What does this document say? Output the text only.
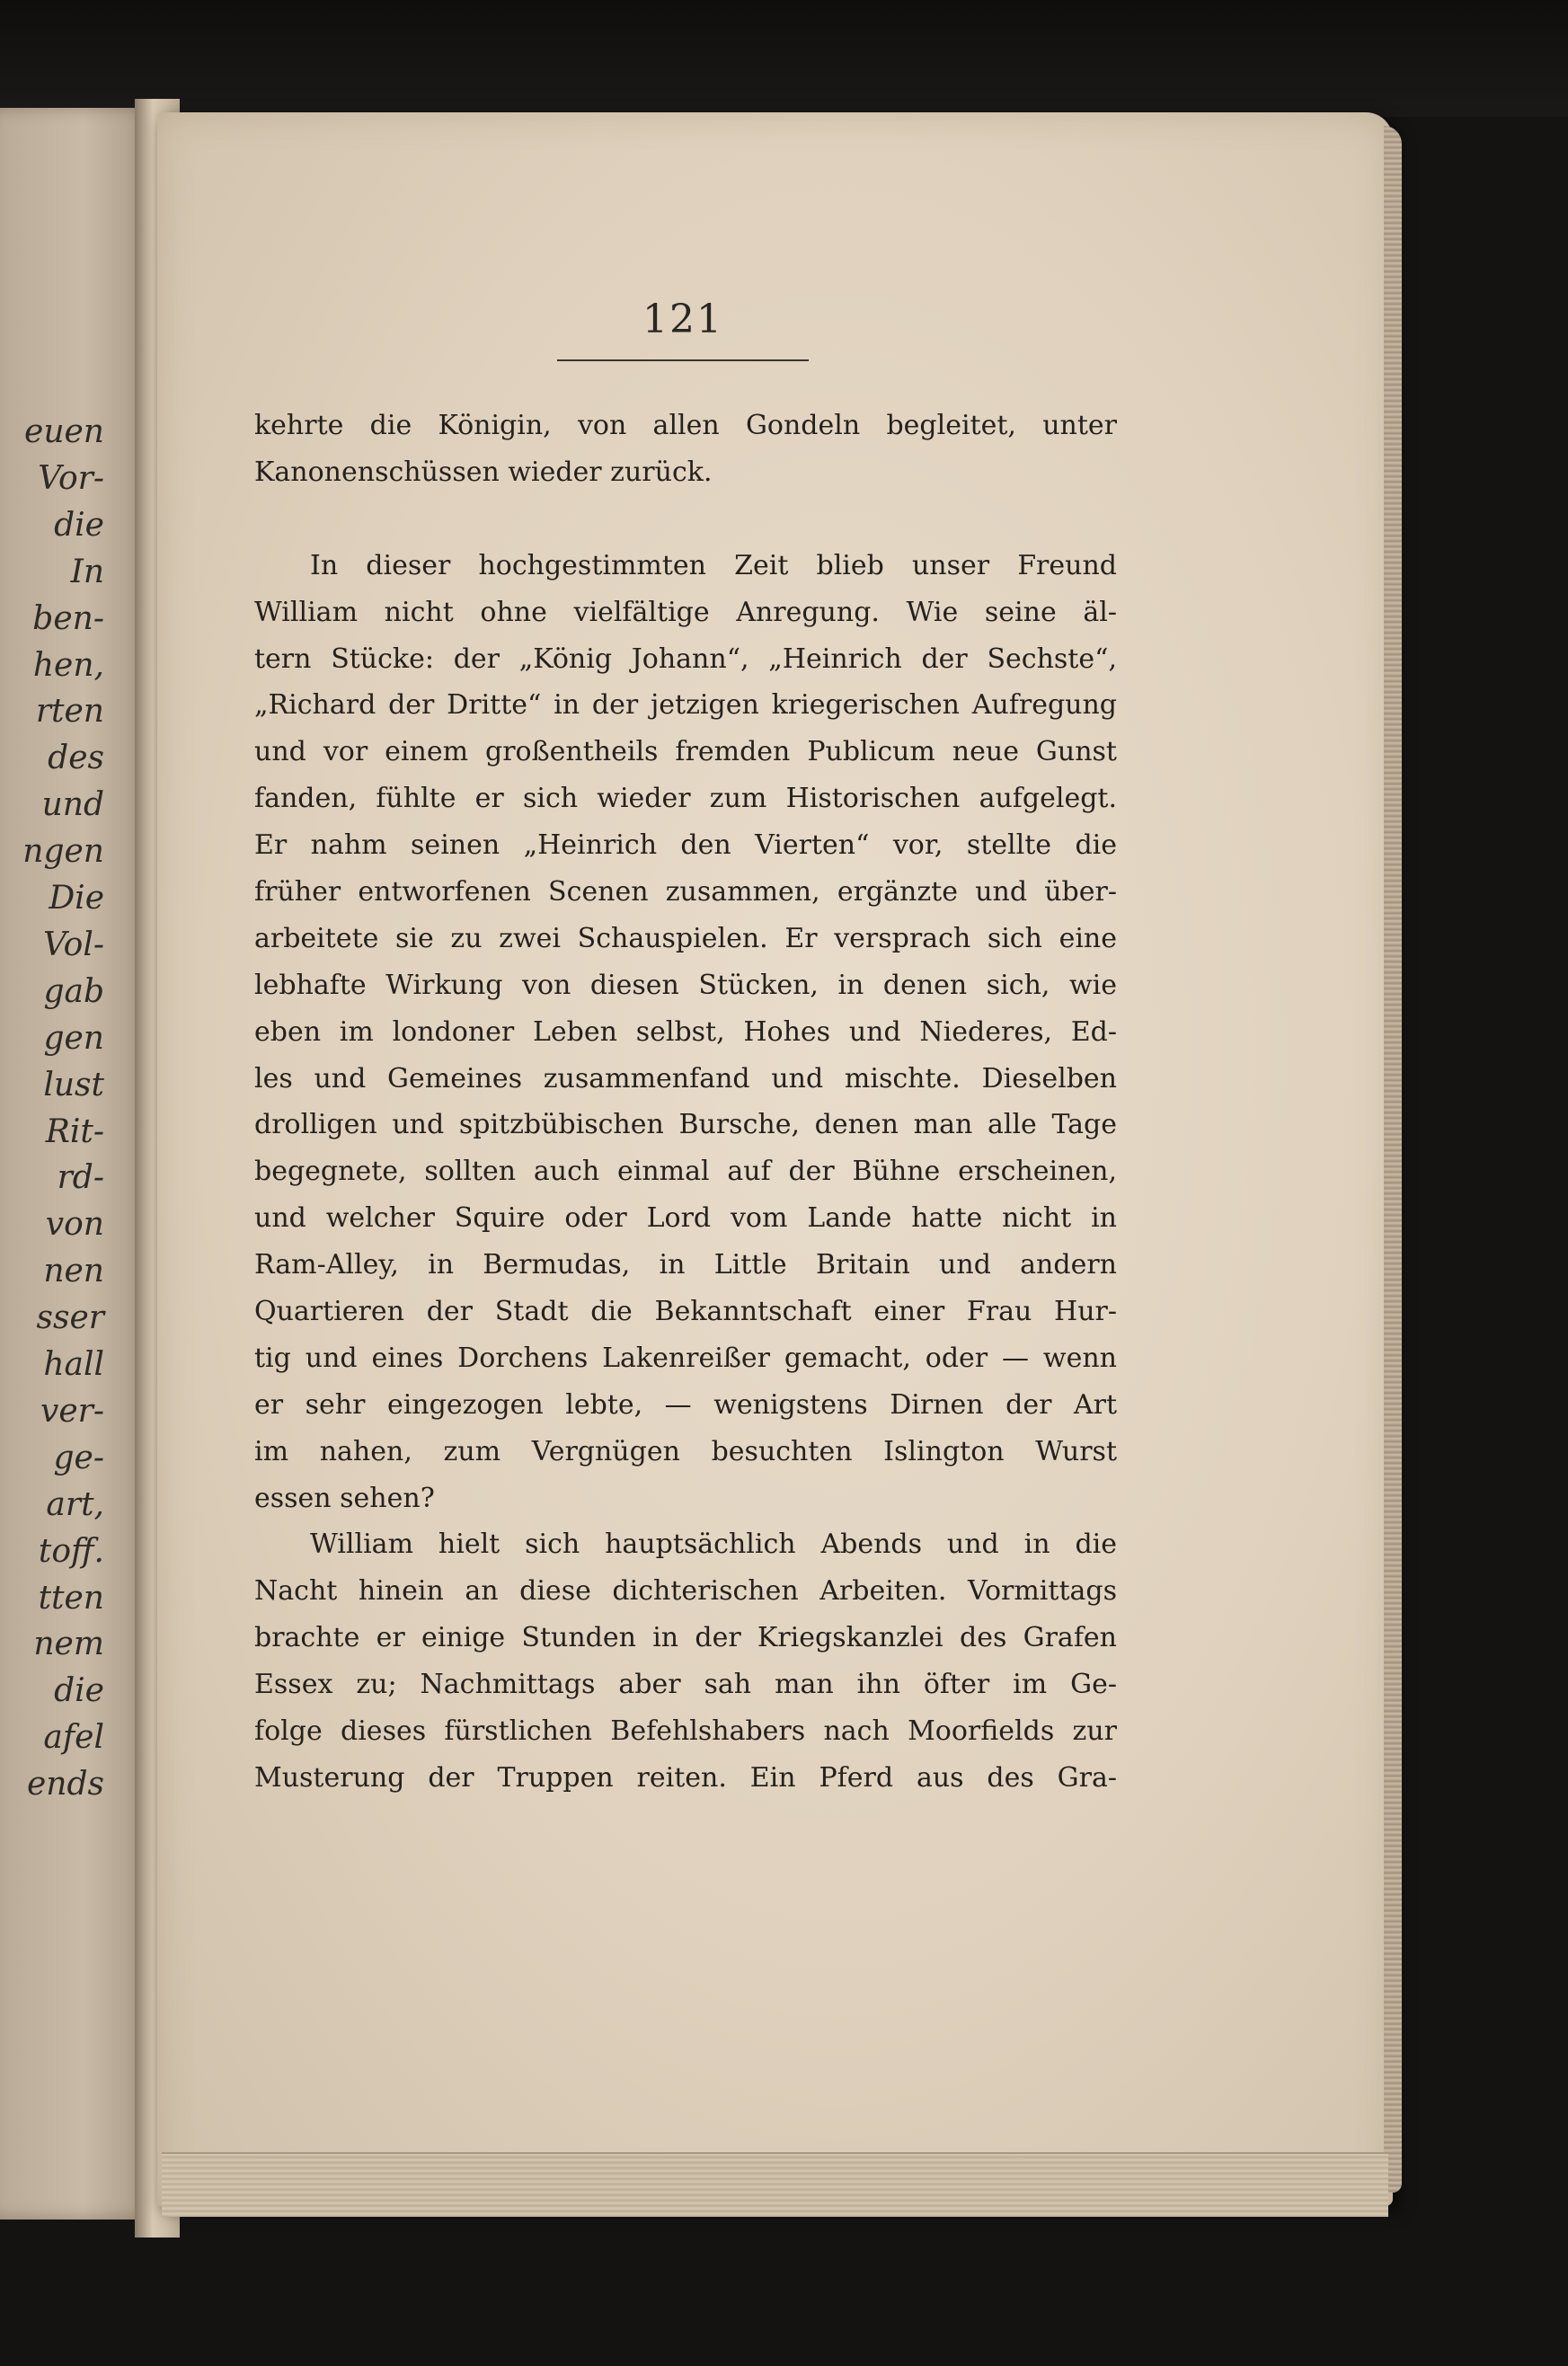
euen
Vor-
die
In
ben-
hen,
rten
des
und
ngen
Die
Vol-
gab
gen
lust
Rit-
rd-
von
nen
sser
hall
ver-
ge-
art,
toff.
tten
nem
die
afel
ends
121
kehrte die Königin, von allen Gondeln begleitet, unter
Kanonenschüssen wieder zurück.
In dieser hochgestimmten Zeit blieb unser Freund
William nicht ohne vielfältige Anregung. Wie seine äl-
tern Stücke: der „König Johann“, „Heinrich der Sechste“,
„Richard der Dritte“ in der jetzigen kriegerischen Aufregung
und vor einem großentheils fremden Publicum neue Gunst
fanden, fühlte er sich wieder zum Historischen aufgelegt.
Er nahm seinen „Heinrich den Vierten“ vor, stellte die
früher entworfenen Scenen zusammen, ergänzte und über-
arbeitete sie zu zwei Schauspielen. Er versprach sich eine
lebhafte Wirkung von diesen Stücken, in denen sich, wie
eben im londoner Leben selbst, Hohes und Niederes, Ed-
les und Gemeines zusammenfand und mischte. Dieselben
drolligen und spitzbübischen Bursche, denen man alle Tage
begegnete, sollten auch einmal auf der Bühne erscheinen,
und welcher Squire oder Lord vom Lande hatte nicht in
Ram-Alley, in Bermudas, in Little Britain und andern
Quartieren der Stadt die Bekanntschaft einer Frau Hur-
tig und eines Dorchens Lakenreißer gemacht, oder — wenn
er sehr eingezogen lebte, — wenigstens Dirnen der Art
im nahen, zum Vergnügen besuchten Islington Wurst
essen sehen?
William hielt sich hauptsächlich Abends und in die
Nacht hinein an diese dichterischen Arbeiten. Vormittags
brachte er einige Stunden in der Kriegskanzlei des Grafen
Essex zu; Nachmittags aber sah man ihn öfter im Ge-
folge dieses fürstlichen Befehlshabers nach Moorfields zur
Musterung der Truppen reiten. Ein Pferd aus des Gra-
